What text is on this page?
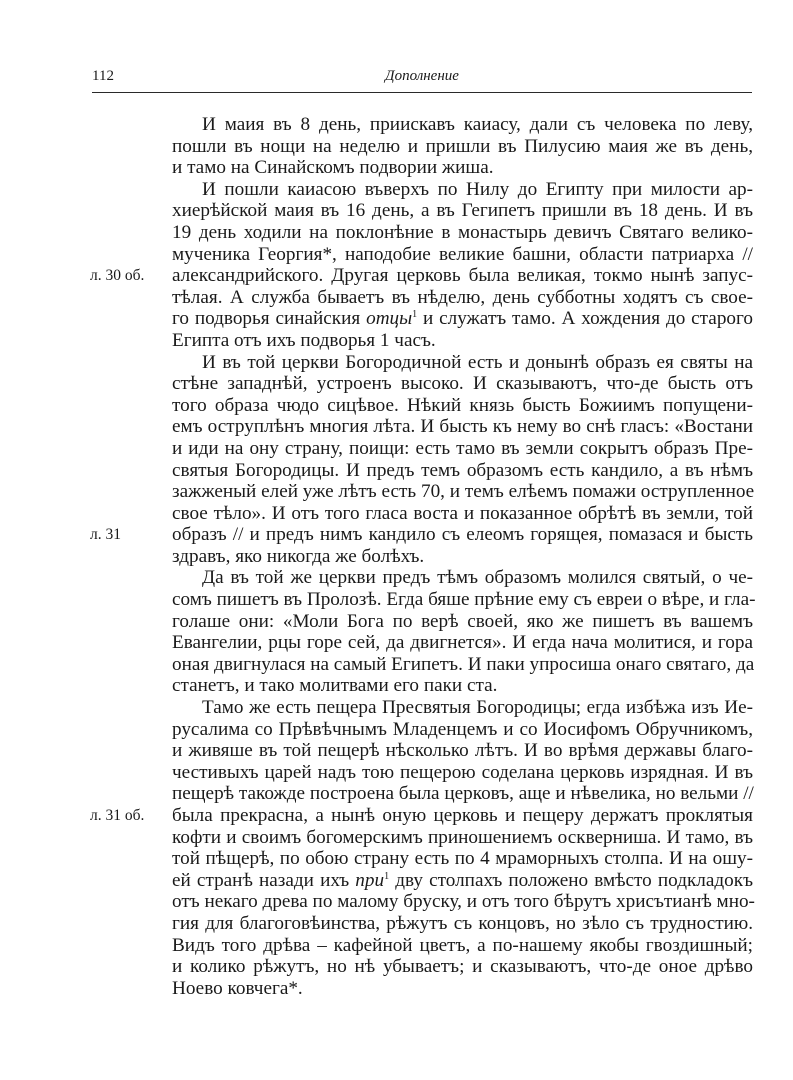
112	Дополнение
И маия въ 8 день, приискавъ каиасу, дали съ человека по леву,
пошли въ нощи на неделю и пришли въ Пилусию маия же въ день,
и тамо на Синайскомъ подвории жиша.
И пошли каиасою въверхъ по Нилу до Египту при милости ар-
хиерѣйской маия въ 16 день, а въ Гегипетъ пришли въ 18 день. И въ
19 день ходили на поклонѣние в монастырь девичъ Святаго велико-
мученика Георгия*, наподобие великие башни, области патриарха //
л. 30 об. александрийского. Другая церковь была великая, токмо нынѣ запус-
тѣлая. А служба бываетъ въ нѣделю, день субботны ходятъ съ свое-
го подворья синайския отцы$^1$ и служатъ тамо. А хождения до старого
Египта отъ ихъ подворья 1 часъ.
И въ той церкви Богородичной есть и донынѣ образъ ея святы на
стѣне западнѣй, устроенъ высоко. И сказываютъ, что-де бысть отъ
того образа чюдо сицѣвое. Нѣкий князь бысть Божиимъ попущени-
емъ оструплѣнъ многия лѣта. И бысть къ нему во снѣ гласъ: «Востани
и иди на ону страну, поищи: есть тамо въ земли сокрытъ образъ Пре-
святыя Богородицы. И предъ темъ образомъ есть кандило, а въ нѣмъ
зажженый елей уже лѣтъ есть 70, и темъ елѣемъ помажи острупленное
свое тѣло». И отъ того гласа воста и показанное обрѣтѣ въ земли, той
л. 31	образъ // и предъ нимъ кандило съ елеомъ горящея, помазася и бысть
здравъ, яко никогда же болѣхъ.
Да въ той же церкви предъ тѣмъ образомъ молился святый, о че-
сомъ пишетъ въ Пролозѣ. Егда бяше прѣние ему съ евреи о вѣре, и гла-
голаше они: «Моли Бога по верѣ своей, яко же пишетъ въ вашемъ
Евангелии, рцы горе сей, да двигнется». И егда нача молитися, и гора
оная двигнулася на самый Египетъ. И паки упросиша онаго святаго, да
станетъ, и тако молитвами его паки ста.
Тамо же есть пещера Пресвятыя Богородицы; егда избѣжа изъ Ие-
русалима со Прѣвѣчнымъ Младенцемъ и со Иосифомъ Обручникомъ,
и живяше въ той пещерѣ нѣсколько лѣтъ. И во врѣмя державы благо-
честивыхъ царей надъ тою пещерою соделана церковь изрядная. И въ
пещерѣ такожде построена была церковъ, аще и нѣвелика, но вельми //
л. 31 об. была прекрасна, а нынѣ оную церковь и пещеру держатъ проклятыя
кофти и своимъ богомерскимъ приношениемъ оскверниша. И тамо, въ
той пѣщерѣ, по обою страну есть по 4 мраморныхъ столпа. И на ошу-
ей странѣ назади ихъ при$^1$ дву столпахъ положено вмѣсто подкладокъ
отъ некаго древа по малому бруску, и отъ того бѣрутъ хрисътианѣ мно-
гия для благоговѣинства, рѣжутъ съ концовъ, но зѣло съ трудностию.
Видъ того дрѣва – кафейной цветъ, а по-нашему якобы гвоздишный;
и колико рѣжутъ, но нѣ убываетъ; и сказываютъ, что-де оное дрѣво
Ноево ковчега*.
